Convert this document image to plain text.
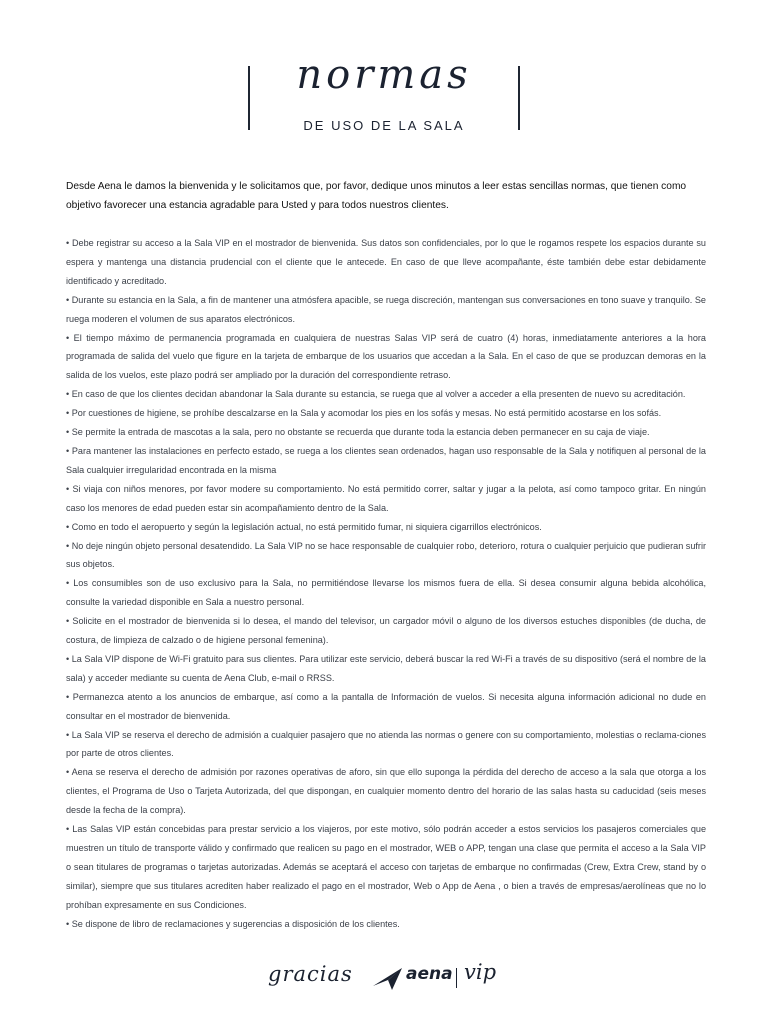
normas
DE USO DE LA SALA
Desde Aena le damos la bienvenida y le solicitamos que, por favor, dedique unos minutos a leer estas sencillas normas, que tienen como objetivo favorecer una estancia agradable para Usted y para todos nuestros clientes.
• Debe registrar su acceso a la Sala VIP en el mostrador de bienvenida. Sus datos son confidenciales, por lo que le rogamos respete los espacios durante su espera y mantenga una distancia prudencial con el cliente que le antecede. En caso de que lleve acompañante, éste también debe estar debidamente identificado y acreditado.
• Durante su estancia en la Sala, a fin de mantener una atmósfera apacible, se ruega discreción, mantengan sus conversaciones en tono suave y tranquilo. Se ruega moderen el volumen de sus aparatos electrónicos.
• El tiempo máximo de permanencia programada en cualquiera de nuestras Salas VIP será de cuatro (4) horas, inmediatamente anteriores a la hora programada de salida del vuelo que figure en la tarjeta de embarque de los usuarios que accedan a la Sala. En el caso de que se produzcan demoras en la salida de los vuelos, este plazo podrá ser ampliado por la duración del correspondiente retraso.
• En caso de que los clientes decidan abandonar la Sala durante su estancia, se ruega que al volver a acceder a ella presenten de nuevo su acreditación.
• Por cuestiones de higiene, se prohíbe descalzarse en la Sala y acomodar los pies en los sofás y mesas. No está permitido acostarse en los sofás.
• Se permite la entrada de mascotas a la sala, pero no obstante se recuerda que durante toda la estancia deben permanecer en su caja de viaje.
• Para mantener las instalaciones en perfecto estado, se ruega a los clientes sean ordenados, hagan uso responsable de la Sala y notifiquen al personal de la Sala cualquier irregularidad encontrada en la misma
• Si viaja con niños menores, por favor modere su comportamiento. No está permitido correr, saltar y jugar a la pelota, así como tampoco gritar. En ningún caso los menores de edad pueden estar sin acompañamiento dentro de la Sala.
• Como en todo el aeropuerto y según la legislación actual, no está permitido fumar, ni siquiera cigarrillos electrónicos.
• No deje ningún objeto personal desatendido. La Sala VIP no se hace responsable de cualquier robo, deterioro, rotura o cualquier perjuicio que pudieran sufrir sus objetos.
• Los consumibles son de uso exclusivo para la Sala, no permitiéndose llevarse los mismos fuera de ella. Si desea consumir alguna bebida alcohólica, consulte la variedad disponible en Sala a nuestro personal.
• Solicite en el mostrador de bienvenida si lo desea, el mando del televisor, un cargador móvil o alguno de los diversos estuches disponibles (de ducha, de costura, de limpieza de calzado o de higiene personal femenina).
• La Sala VIP dispone de Wi-Fi gratuito para sus clientes. Para utilizar este servicio, deberá buscar la red Wi-Fi a través de su dispositivo (será el nombre de la sala) y acceder mediante su cuenta de Aena Club, e-mail o RRSS.
• Permanezca atento a los anuncios de embarque, así como a la pantalla de Información de vuelos. Si necesita alguna información adicional no dude en consultar en el mostrador de bienvenida.
• La Sala VIP se reserva el derecho de admisión a cualquier pasajero que no atienda las normas o genere con su comportamiento, molestias o reclama-ciones por parte de otros clientes.
• Aena se reserva el derecho de admisión por razones operativas de aforo, sin que ello suponga la pérdida del derecho de acceso a la sala que otorga a los clientes, el Programa de Uso o Tarjeta Autorizada, del que dispongan, en cualquier momento dentro del horario de las salas hasta su caducidad (seis meses desde la fecha de la compra).
• Las Salas VIP están concebidas para prestar servicio a los viajeros, por este motivo, sólo podrán acceder a estos servicios los pasajeros comerciales que muestren un título de transporte válido y confirmado que realicen su pago en el mostrador, WEB o APP, tengan una clase que permita el acceso a la Sala VIP o sean titulares de programas o tarjetas autorizadas. Además se aceptará el acceso con tarjetas de embarque no confirmadas (Crew, Extra Crew, stand by o similar), siempre que sus titulares acrediten haber realizado el pago en el mostrador, Web o App de Aena , o bien a través de empresas/aerolíneas que no lo prohíban expresamente en sus Condiciones.
• Se dispone de libro de reclamaciones y sugerencias a disposición de los clientes.
gracias	aena vip
